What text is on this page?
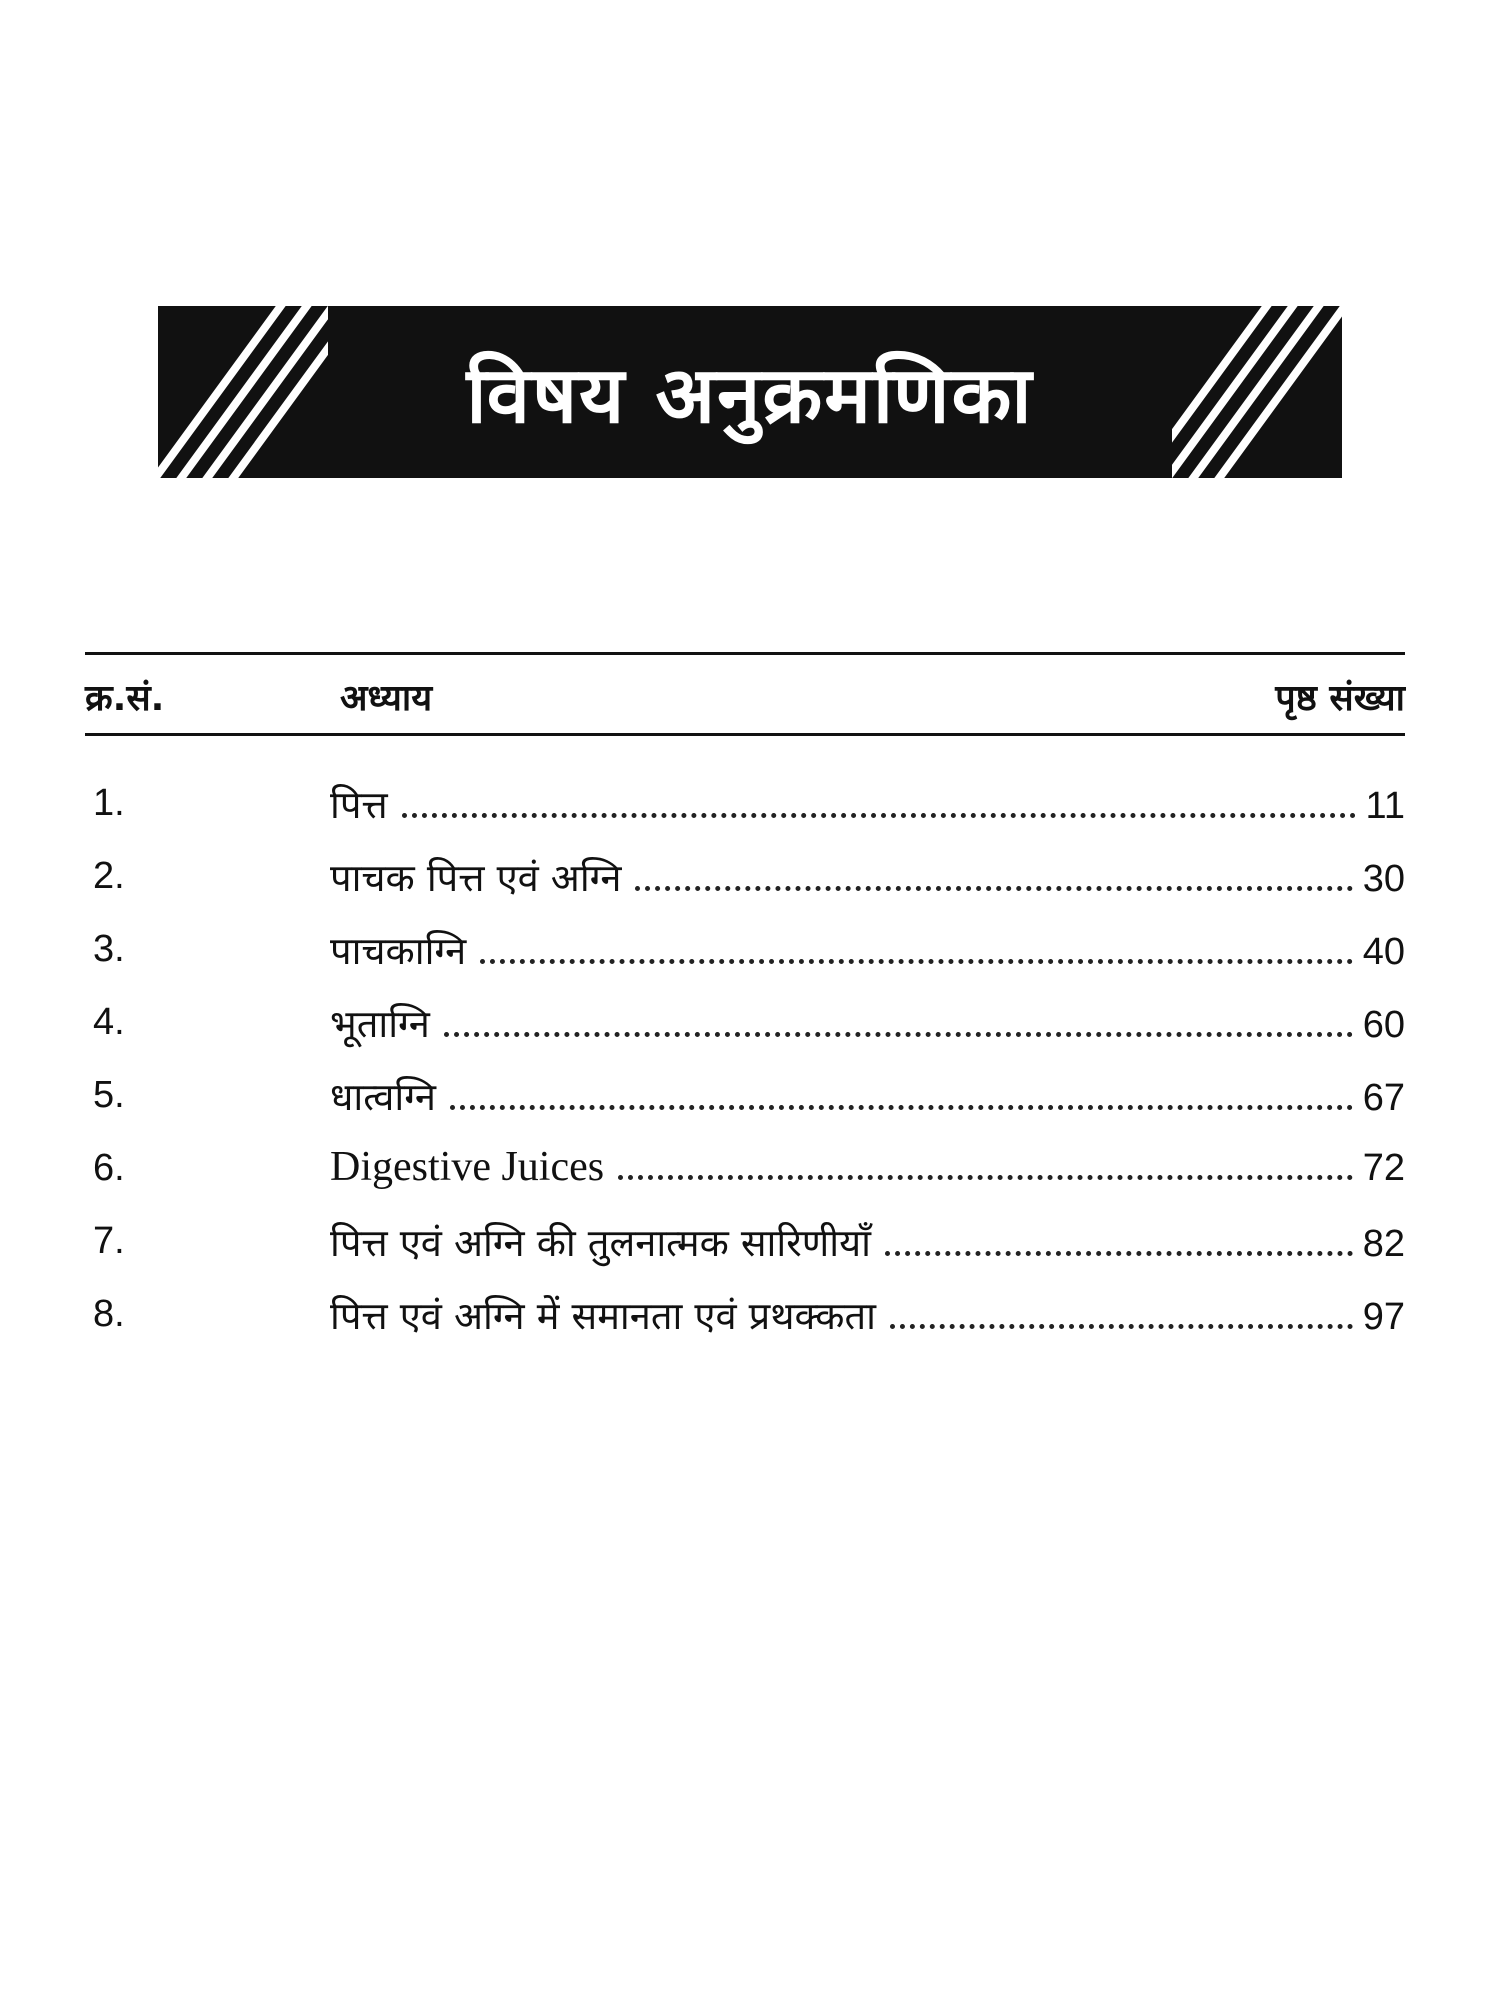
विषय अनुक्रमणिका
क्र.सं.	अध्याय	पृष्ठ संख्या
1.	पित्त	11
2.	पाचक पित्त एवं अग्नि	30
3.	पाचकाग्नि	40
4.	भूताग्नि	60
5.	धात्वग्नि	67
6.	Digestive Juices	72
7.	पित्त एवं अग्नि की तुलनात्मक सारिणीयाँ	82
8.	पित्त एवं अग्नि में समानता एवं प्रथक्कता	97
